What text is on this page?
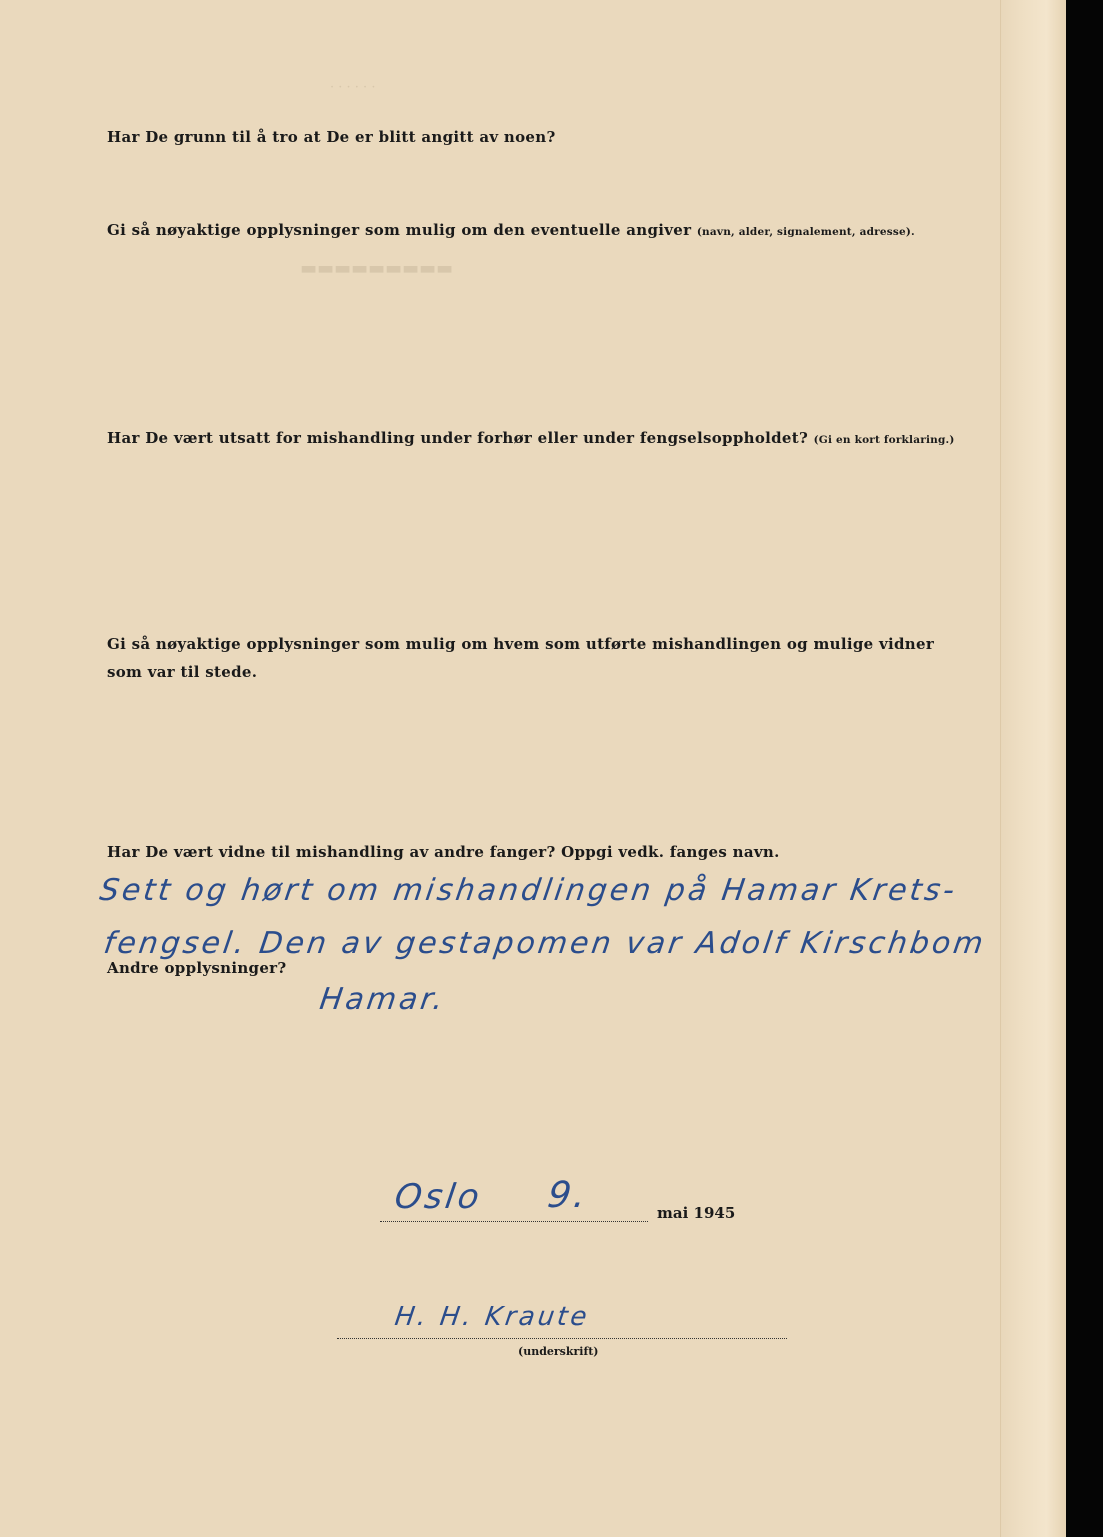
· · · · · ·
▬▬▬▬▬▬▬▬▬

Har De grunn til å tro at De er blitt angitt av noen?

Gi så nøyaktige opplysninger som mulig om den eventuelle angiver (navn, alder, signalement, adresse).

Har De vært utsatt for mishandling under forhør eller under fengselsoppholdet? (Gi en kort forklaring.)

Gi så nøyaktige opplysninger som mulig om hvem som utførte mishandlingen og mulige vidner

som var til stede.

Har De vært vidne til mishandling av andre fanger? Oppgi vedk. fanges navn.

Andre opplysninger?

Sett og hørt om mishandlingen på Hamar Krets-

fengsel. Den av gestapomen var Adolf Kirschbom

Hamar.

Oslo 9.	mai 1945

H. H. Kraute

(underskrift)
